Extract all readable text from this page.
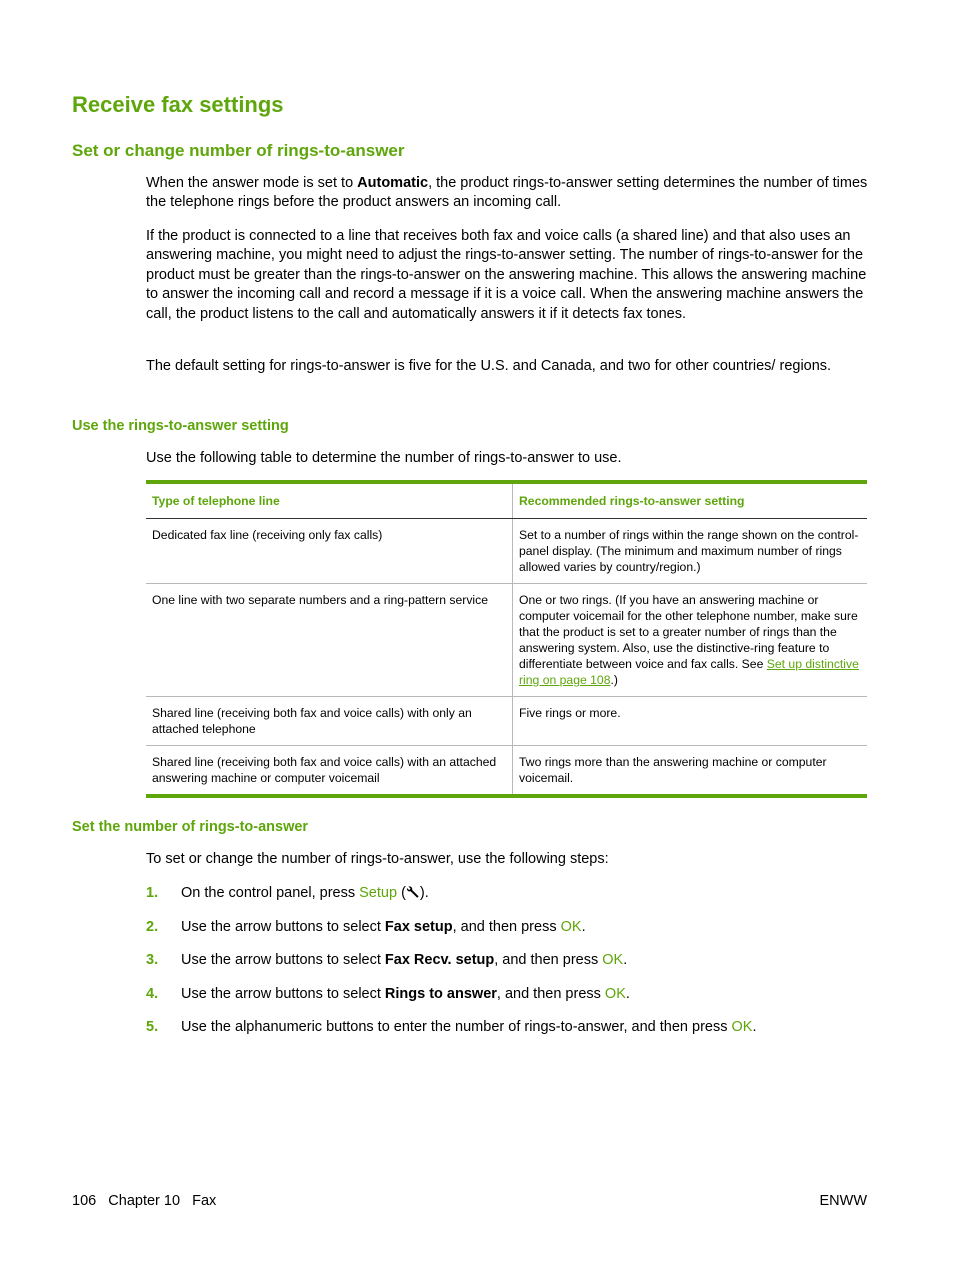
Receive fax settings
Set or change number of rings-to-answer

When the answer mode is set to Automatic, the product rings-to-answer setting determines the number of times the telephone rings before the product answers an incoming call.

If the product is connected to a line that receives both fax and voice calls (a shared line) and that also uses an answering machine, you might need to adjust the rings-to-answer setting. The number of rings-to-answer for the product must be greater than the rings-to-answer on the answering machine. This allows the answering machine to answer the incoming call and record a message if it is a voice call. When the answering machine answers the call, the product listens to the call and automatically answers it if it detects fax tones.

The default setting for rings-to-answer is five for the U.S. and Canada, and two for other countries/ regions.

Use the rings-to-answer setting

Use the following table to determine the number of rings-to-answer to use.

Type of telephone line	Recommended rings-to-answer setting
Dedicated fax line (receiving only fax calls)	Set to a number of rings within the range shown on the control-panel display. (The minimum and maximum number of rings allowed varies by country/region.)
One line with two separate numbers and a ring-pattern service	One or two rings. (If you have an answering machine or computer voicemail for the other telephone number, make sure that the product is set to a greater number of rings than the answering system. Also, use the distinctive-ring feature to differentiate between voice and fax calls. See Set up distinctive ring on page 108.)
Shared line (receiving both fax and voice calls) with only an attached telephone	Five rings or more.
Shared line (receiving both fax and voice calls) with an attached answering machine or computer voicemail	Two rings more than the answering machine or computer voicemail.
Set the number of rings-to-answer

To set or change the number of rings-to-answer, use the following steps:

1. On the control panel, press Setup ( ).
2. Use the arrow buttons to select Fax setup, and then press OK.
3. Use the arrow buttons to select Fax Recv. setup, and then press OK.
4. Use the arrow buttons to select Rings to answer, and then press OK.
5. Use the alphanumeric buttons to enter the number of rings-to-answer, and then press OK.
106   Chapter 10   Fax	ENWW
